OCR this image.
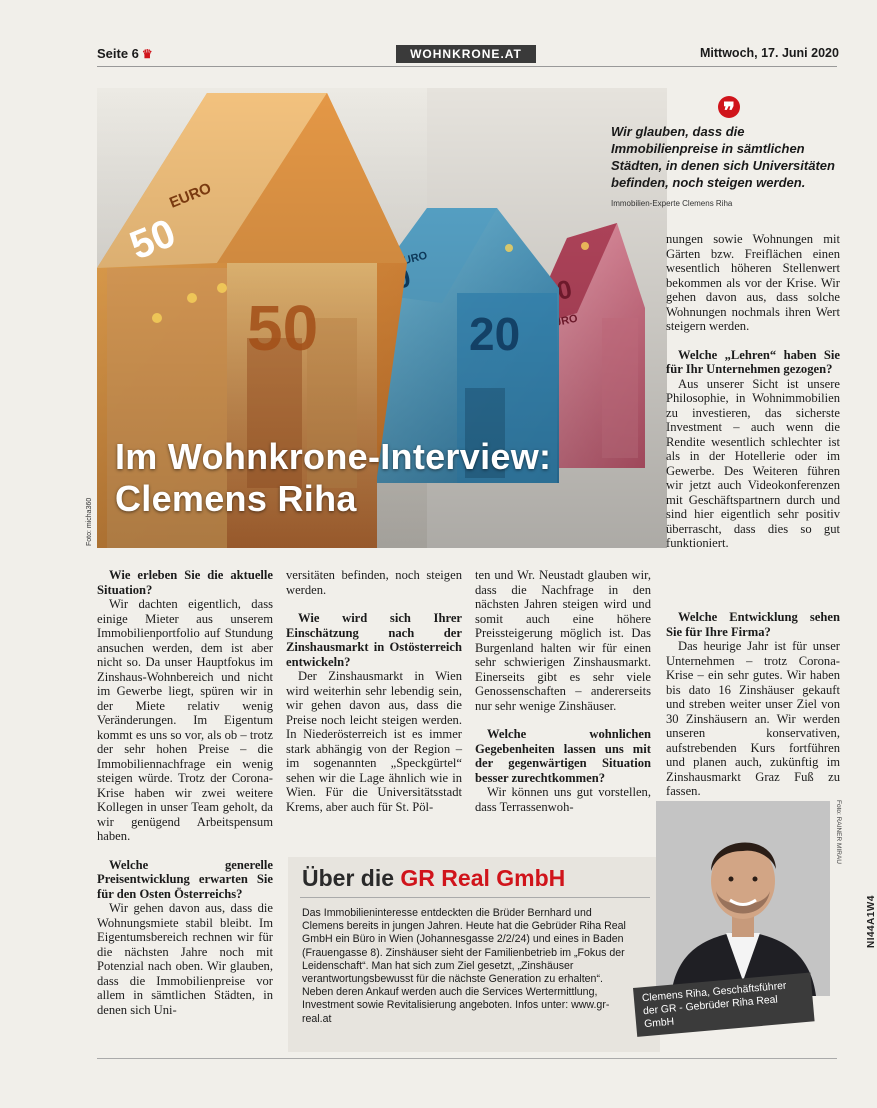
Seite 6 ♛	WOHNKRONE.AT	Mittwoch, 17. Juni 2020
50
EURO
50
Im Wohnkrone-Interview:
Clemens Riha
Foto: micha360
❞
Wir glauben, dass die Immobilienpreise in sämtlichen Städten, in denen sich Universitäten befinden, noch steigen werden.
Immobilien-Experte Clemens Riha
Wie erleben Sie die aktuelle Situation?

Wir dachten eigentlich, dass einige Mieter aus unserem Immobilienportfolio auf Stundung ansuchen werden, dem ist aber nicht so. Da unser Hauptfokus im Zinshaus-Wohnbereich und nicht im Gewerbe liegt, spüren wir in der Miete relativ wenig Veränderungen. Im Eigentum kommt es uns so vor, als ob – trotz der sehr hohen Preise – die Immobiliennachfrage ein wenig steigen würde. Trotz der Corona-Krise haben wir zwei weitere Kollegen in unser Team geholt, da wir genügend Arbeitspensum haben.

Welche generelle Preisentwicklung erwarten Sie für den Osten Österreichs?

Wir gehen davon aus, dass die Wohnungsmiete stabil bleibt. Im Eigentumsbereich rechnen wir für die nächsten Jahre noch mit Potenzial nach oben. Wir glauben, dass die Immobilienpreise vor allem in sämtlichen Städten, in denen sich Uni-

versitäten befinden, noch steigen werden.

Wie wird sich Ihrer Einschätzung nach der Zinshausmarkt in Ostösterreich entwickeln?

Der Zinshausmarkt in Wien wird weiterhin sehr lebendig sein, wir gehen davon aus, dass die Preise noch leicht steigen werden. In Niederösterreich ist es immer stark abhängig von der Region – im sogenannten „Speckgürtel“ sehen wir die Lage ähnlich wie in Wien. Für die Universitätsstadt Krems, aber auch für St. Pöl-

ten und Wr. Neustadt glauben wir, dass die Nachfrage in den nächsten Jahren steigen wird und somit auch eine höhere Preissteigerung möglich ist. Das Burgenland halten wir für einen sehr schwierigen Zinshausmarkt. Einerseits gibt es sehr viele Genossenschaften – andererseits nur sehr wenige Zinshäuser.

Welche wohnlichen Gegebenheiten lassen uns mit der gegenwärtigen Situation besser zurechtkommen?

Wir können uns gut vorstellen, dass Terrassenwoh-

nungen sowie Wohnungen mit Gärten bzw. Freiflächen einen wesentlich höheren Stellenwert bekommen als vor der Krise. Wir gehen davon aus, dass solche Wohnungen nochmals ihren Wert steigern werden.

Welche „Lehren“ haben Sie für Ihr Unternehmen gezogen?

Aus unserer Sicht ist unsere Philosophie, in Wohnimmobilien zu investieren, das sicherste Investment – auch wenn die Rendite wesentlich schlechter ist als in der Hotellerie oder im Gewerbe. Des Weiteren führen wir jetzt auch Videokonferenzen mit Geschäftspartnern durch und sind hier eigentlich sehr positiv überrascht, dass dies so gut funktioniert.

Welche Entwicklung sehen Sie für Ihre Firma?

Das heurige Jahr ist für unser Unternehmen – trotz Corona-Krise – ein sehr gutes. Wir haben bis dato 16 Zinshäuser gekauft und streben weiter unser Ziel von 30 Zinshäusern an. Wir werden unseren konservativen, aufstrebenden Kurs fortführen und planen auch, zukünftig im Zinshausmarkt Graz Fuß zu fassen.

Über die GR Real GmbH

Das Immobilieninteresse entdeckten die Brüder Bernhard und Clemens bereits in jungen Jahren. Heute hat die Gebrüder Riha Real GmbH ein Büro in Wien (Johannesgasse 2/2/24) und eines in Baden (Frauengasse 8). Zinshäuser sieht der Familienbetrieb im „Fokus der Leidenschaft“. Man hat sich zum Ziel gesetzt, „Zinshäuser verantwortungsbewusst für die nächste Generation zu erhalten“. Neben deren Ankauf werden auch die Services Wertermittlung, Investment sowie Revitalisierung angeboten. Infos unter: www.gr-real.at

Foto: RAINER MIRAU
Clemens Riha, Geschäftsführer der GR - Gebrüder Riha Real GmbH
NI44A1W4
